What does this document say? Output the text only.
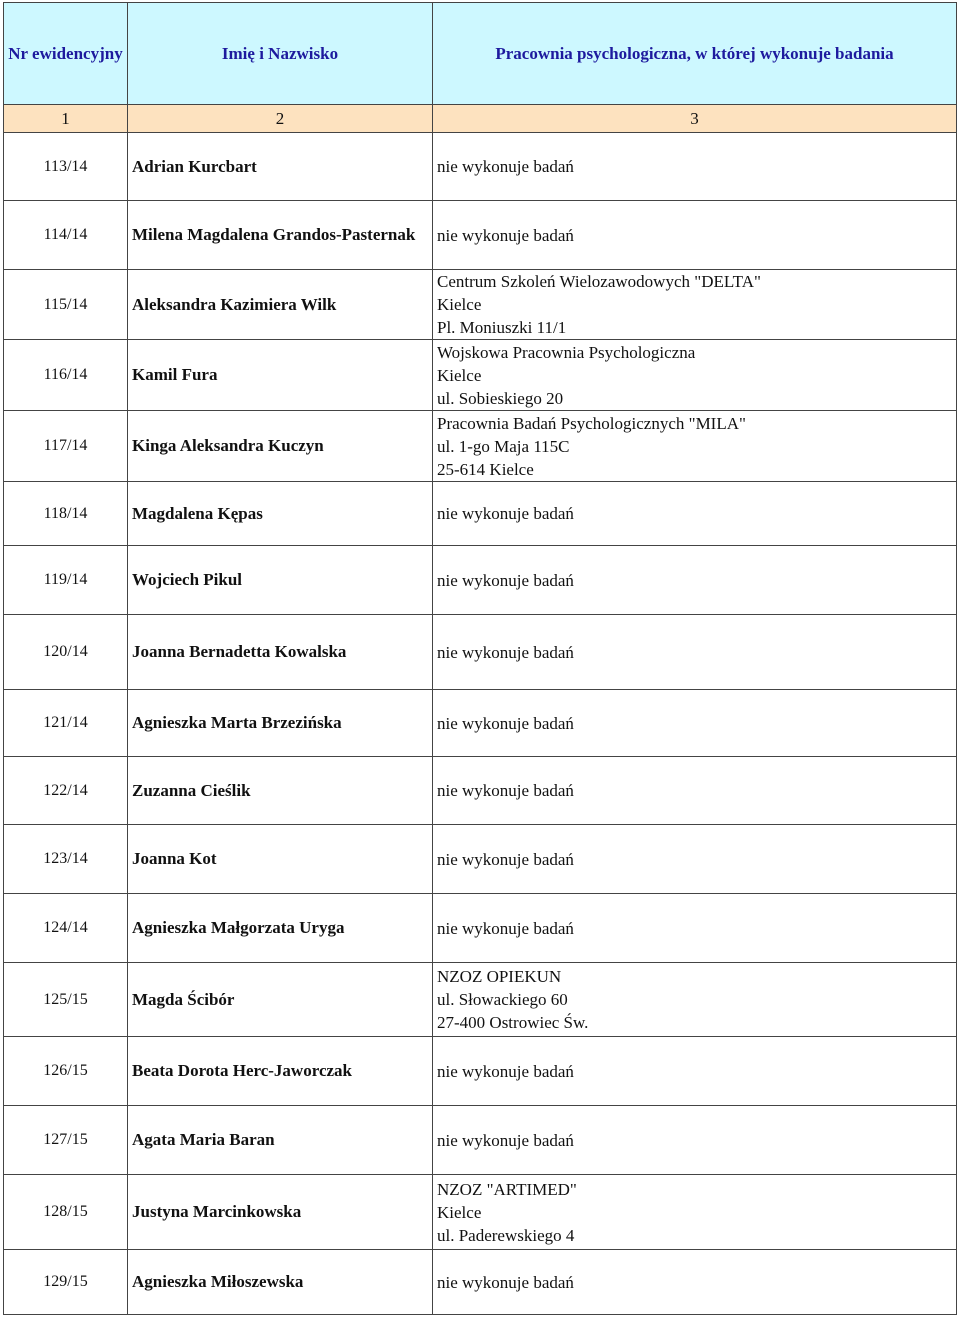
Nr ewidencyjny	Imię i Nazwisko	Pracownia psychologiczna, w której wykonuje badania
1	2	3
113/14	Adrian Kurcbart	nie wykonuje badań

114/14	Milena Magdalena Grandos-Pasternak	nie wykonuje badań

115/14	Aleksandra Kazimiera Wilk	Centrum Szkoleń Wielozawodowych "DELTA"
Kielce
Pl. Moniuszki 11/1

116/14	Kamil Fura	Wojskowa Pracownia Psychologiczna
Kielce
ul. Sobieskiego 20

117/14	Kinga Aleksandra Kuczyn	Pracownia Badań Psychologicznych "MILA"
ul. 1-go Maja 115C
25-614 Kielce

118/14	Magdalena Kępas	nie wykonuje badań

119/14	Wojciech Pikul	nie wykonuje badań

120/14	Joanna Bernadetta Kowalska	nie wykonuje badań

121/14	Agnieszka Marta Brzezińska	nie wykonuje badań

122/14	Zuzanna Cieślik	nie wykonuje badań

123/14	Joanna Kot	nie wykonuje badań

124/14	Agnieszka Małgorzata Uryga	nie wykonuje badań

125/15	Magda Ścibór	NZOZ OPIEKUN
ul. Słowackiego 60
27-400 Ostrowiec Św.

126/15	Beata Dorota Herc-Jaworczak	nie wykonuje badań

127/15	Agata Maria Baran	nie wykonuje badań

128/15	Justyna Marcinkowska	NZOZ "ARTIMED"
Kielce
ul. Paderewskiego 4

129/15	Agnieszka Miłoszewska	nie wykonuje badań
